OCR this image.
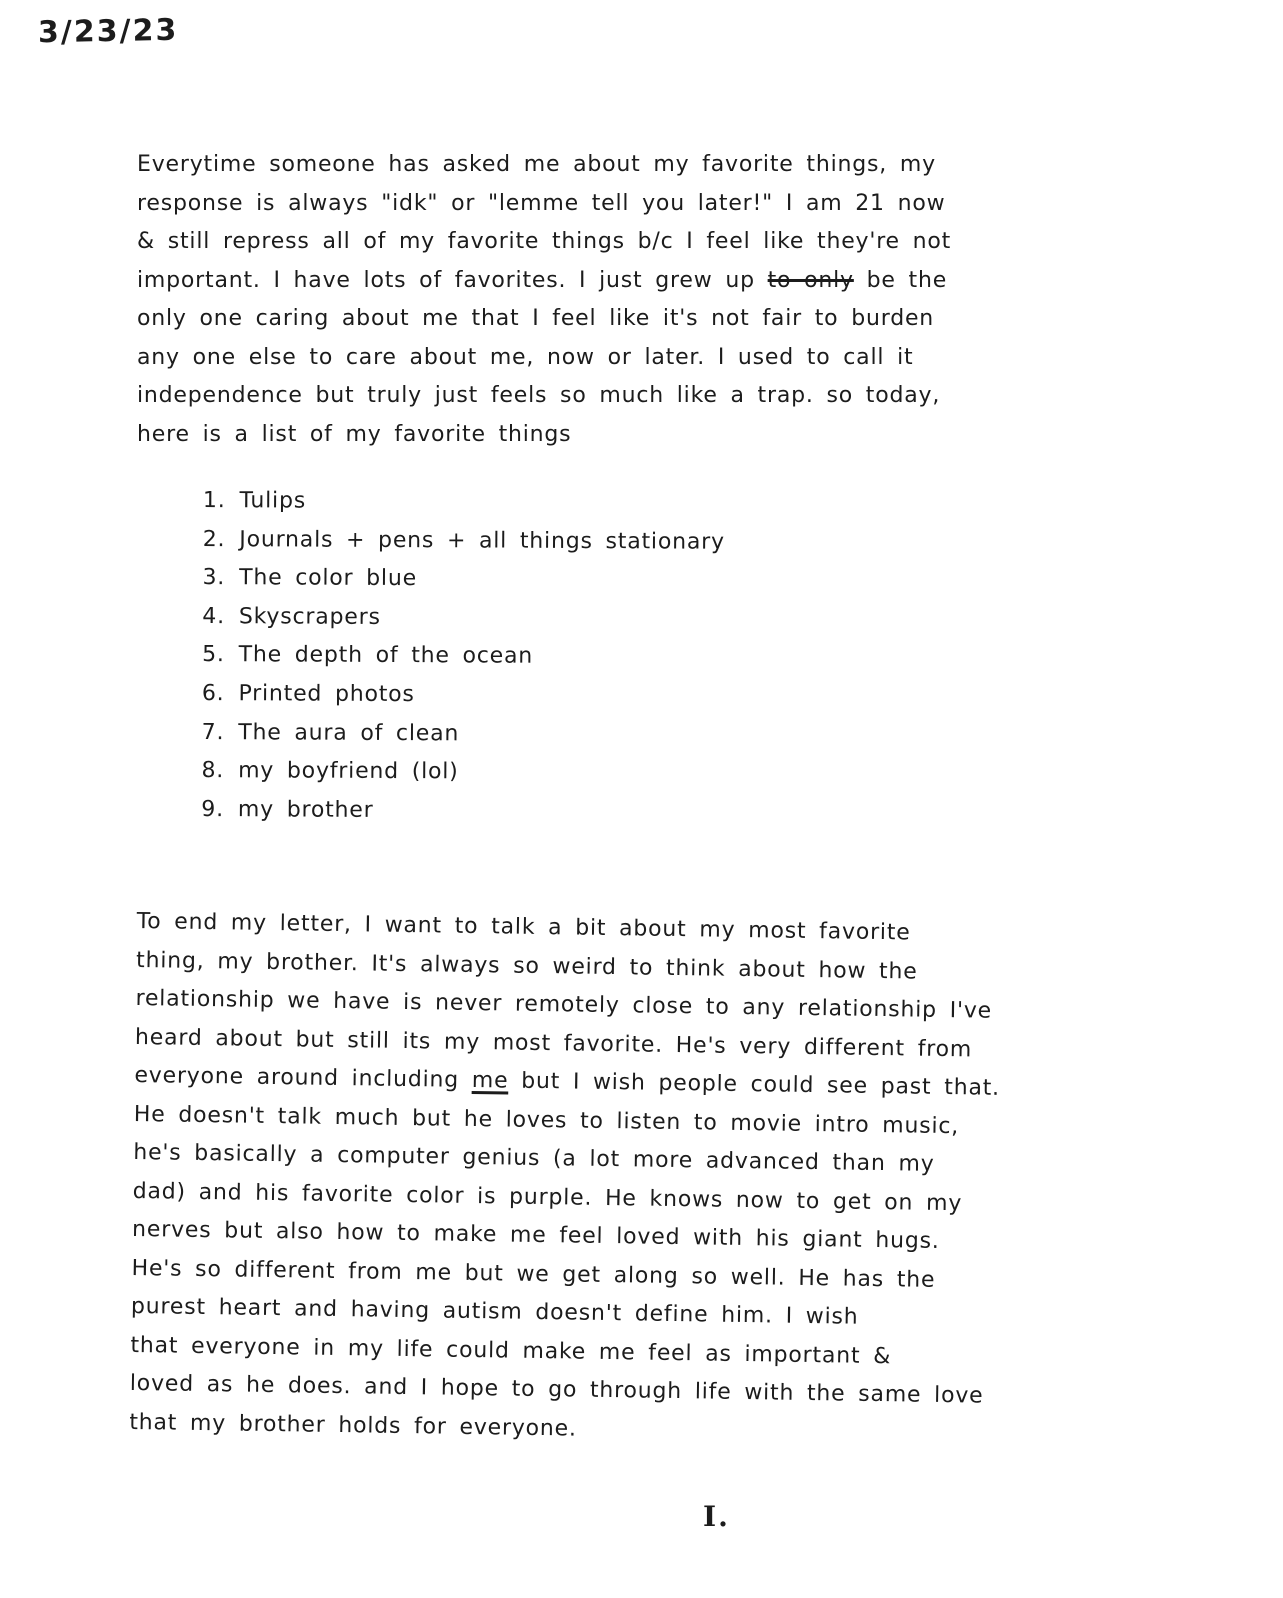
3/23/23
Everytime someone has asked me about my favorite things, my
response is always "idk" or "lemme tell you later!" I am 21 now
& still repress all of my favorite things b/c I feel like they're not
important. I have lots of favorites. I just grew up to only be the
only one caring about me that I feel like it's not fair to burden
any one else to care about me, now or later. I used to call it
independence but truly just feels so much like a trap. so today,
here is a list of my favorite things
1. Tulips
2. Journals + pens + all things stationary
3. The color blue
4. Skyscrapers
5. The depth of the ocean
6. Printed photos
7. The aura of clean
8. my boyfriend (lol)
9. my brother
To end my letter, I want to talk a bit about my most favorite
thing, my brother. It's always so weird to think about how the
relationship we have is never remotely close to any relationship I've
heard about but still its my most favorite. He's very different from
everyone around including me but I wish people could see past that.
He doesn't talk much but he loves to listen to movie intro music,
he's basically a computer genius (a lot more advanced than my
dad) and his favorite color is purple. He knows now to get on my
nerves but also how to make me feel loved with his giant hugs.
He's so different from me but we get along so well. He has the
purest heart and having autism doesn't define him. I wish
that everyone in my life could make me feel as important &
loved as he does. and I hope to go through life with the same love
that my brother holds for everyone.
I.
